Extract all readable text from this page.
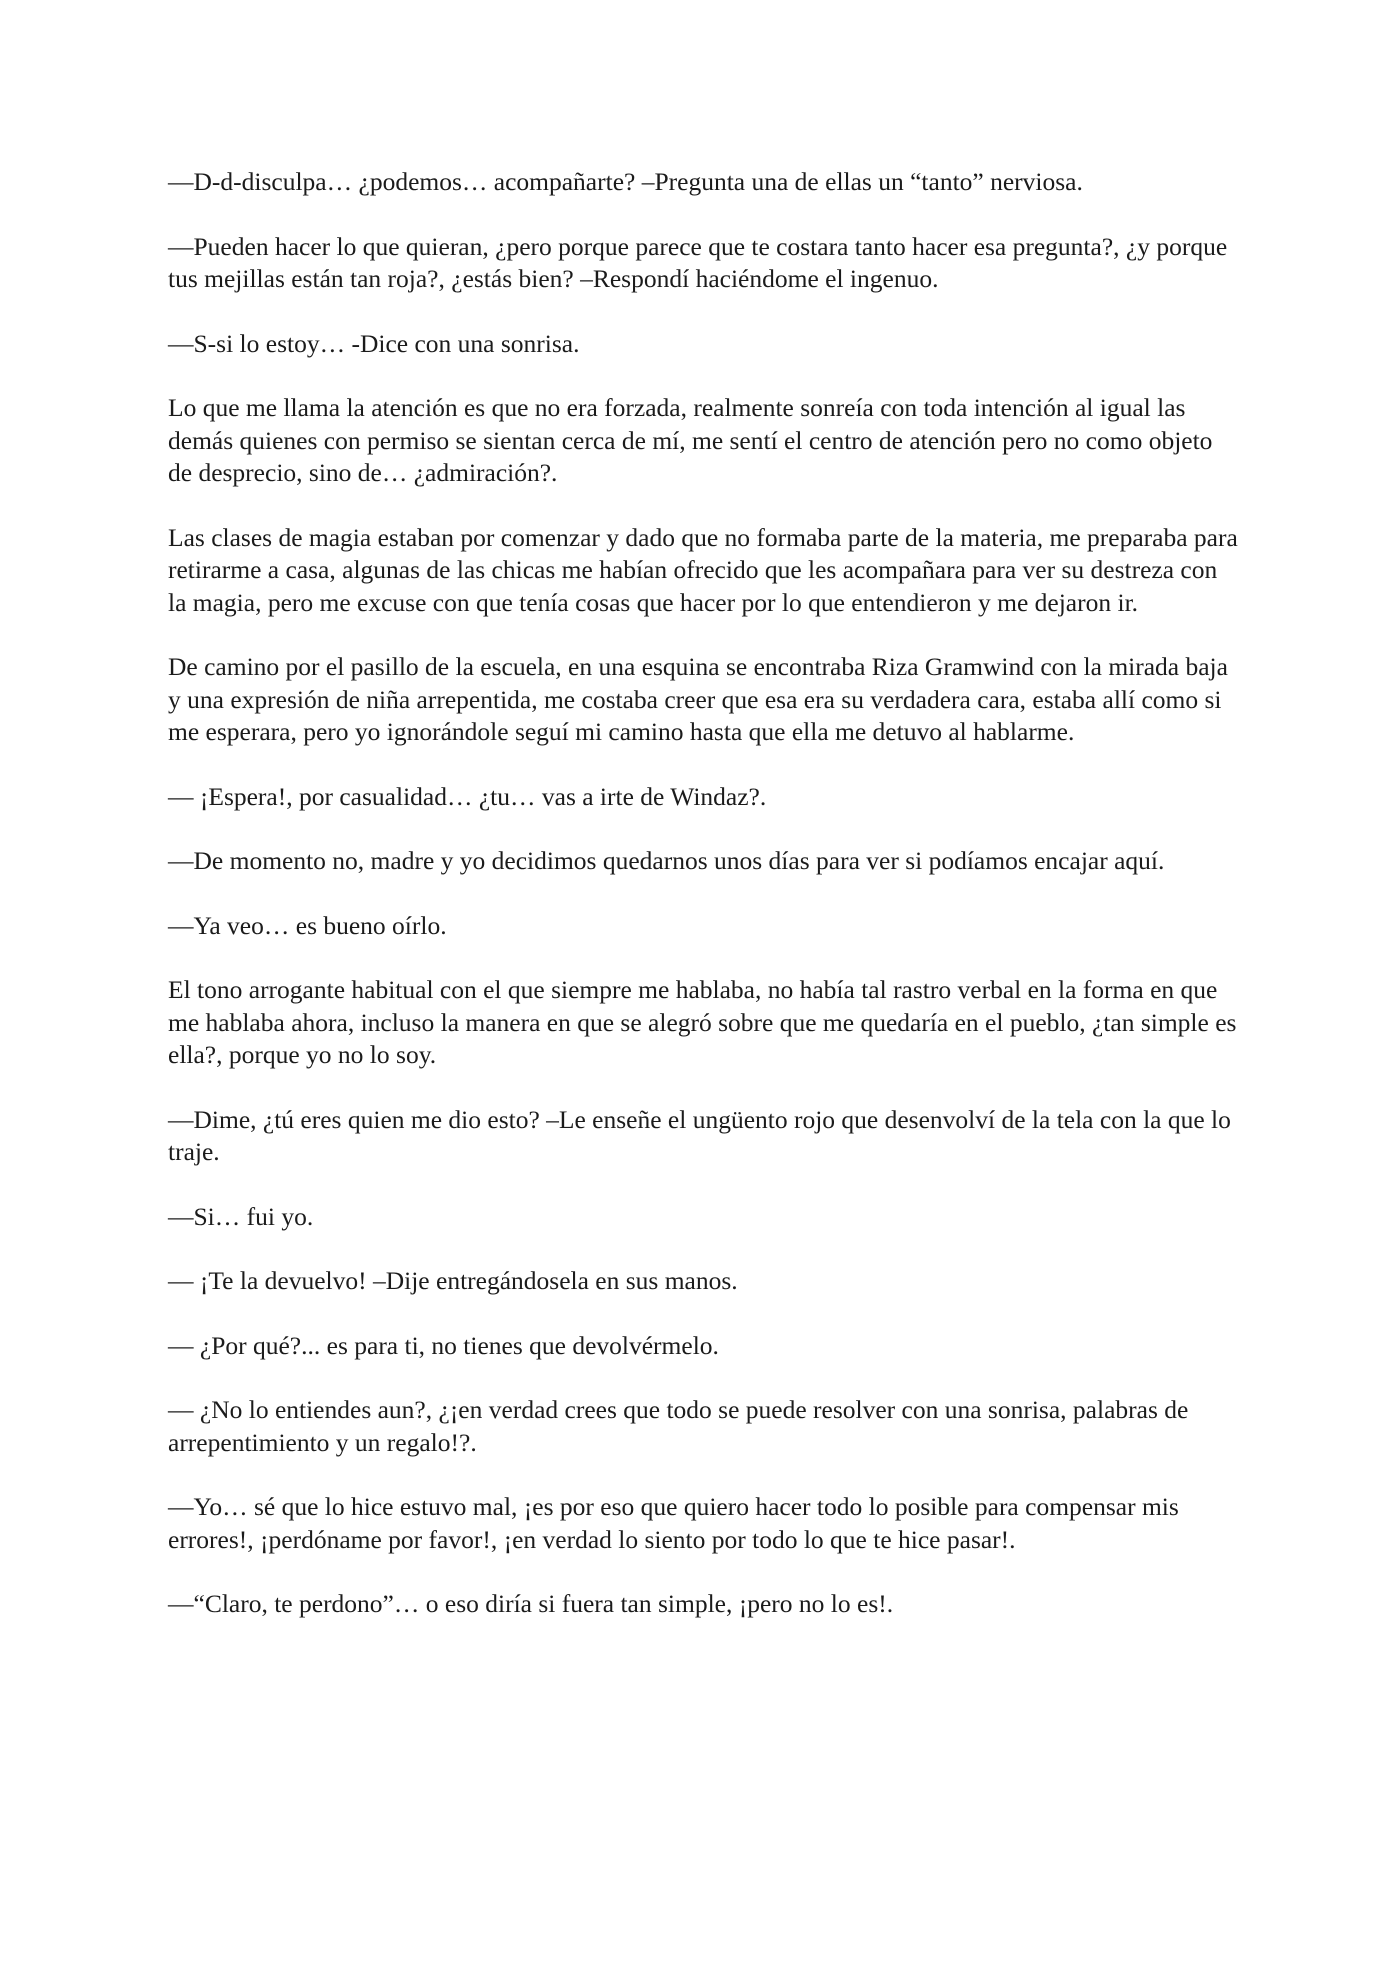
—D-d-disculpa… ¿podemos… acompañarte? –Pregunta una de ellas un “tanto” nerviosa.

—Pueden hacer lo que quieran, ¿pero porque parece que te costara tanto hacer esa pregunta?, ¿y porque tus mejillas están tan roja?, ¿estás bien? –Respondí haciéndome el ingenuo.

—S-si lo estoy… -Dice con una sonrisa.

Lo que me llama la atención es que no era forzada, realmente sonreía con toda intención al igual las demás quienes con permiso se sientan cerca de mí, me sentí el centro de atención pero no como objeto de desprecio, sino de… ¿admiración?.

Las clases de magia estaban por comenzar y dado que no formaba parte de la materia, me preparaba para retirarme a casa, algunas de las chicas me habían ofrecido que les acompañara para ver su destreza con la magia, pero me excuse con que tenía cosas que hacer por lo que entendieron y me dejaron ir.

De camino por el pasillo de la escuela, en una esquina se encontraba Riza Gramwind con la mirada baja y una expresión de niña arrepentida, me costaba creer que esa era su verdadera cara, estaba allí como si me esperara, pero yo ignorándole seguí mi camino hasta que ella me detuvo al hablarme.

— ¡Espera!, por casualidad… ¿tu… vas a irte de Windaz?.

—De momento no, madre y yo decidimos quedarnos unos días para ver si podíamos encajar aquí.

—Ya veo… es bueno oírlo.

El tono arrogante habitual con el que siempre me hablaba, no había tal rastro verbal en la forma en que me hablaba ahora, incluso la manera en que se alegró sobre que me quedaría en el pueblo, ¿tan simple es ella?, porque yo no lo soy.

—Dime, ¿tú eres quien me dio esto? –Le enseñe el ungüento rojo que desenvolví de la tela con la que lo traje.

—Si… fui yo.

— ¡Te la devuelvo! –Dije entregándosela en sus manos.

— ¿Por qué?... es para ti, no tienes que devolvérmelo.

— ¿No lo entiendes aun?, ¿¡en verdad crees que todo se puede resolver con una sonrisa, palabras de arrepentimiento y un regalo!?.

—Yo… sé que lo hice estuvo mal, ¡es por eso que quiero hacer todo lo posible para compensar mis errores!, ¡perdóname por favor!, ¡en verdad lo siento por todo lo que te hice pasar!.

—“Claro, te perdono”… o eso diría si fuera tan simple, ¡pero no lo es!.
